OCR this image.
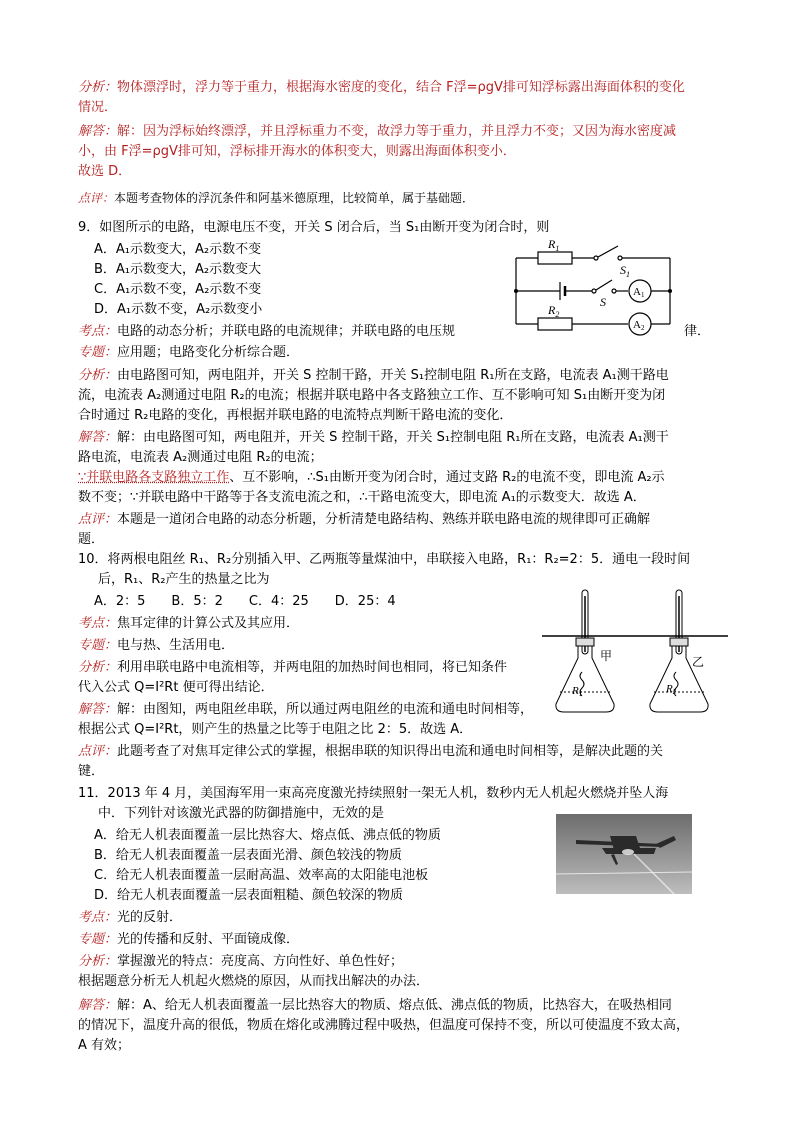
分析：物体漂浮时，浮力等于重力，根据海水密度的变化，结合 F浮=ρgV排可知浮标露出海面体积的变化
情况．
解答：解：因为浮标始终漂浮，并且浮标重力不变，故浮力等于重力，并且浮力不变；又因为海水密度减
小，由 F浮=ρgV排可知，浮标排开海水的体积变大，则露出海面体积变小．
故选 D．
点评：本题考查物体的浮沉条件和阿基米德原理，比较简单，属于基础题．
9．如图所示的电路，电源电压不变，开关 S 闭合后，当 S₁由断开变为闭合时，则
A．A₁示数变大，A₂示数不变
B．A₁示数变大，A₂示数变大
C．A₁示数不变，A₂示数不变
D．A₁示数不变，A₂示数变小
考点：电路的动态分析；并联电路的电流规律；并联电路的电压规	律．
专题：应用题；电路变化分析综合题．
分析：由电路图可知，两电阻并，开关 S 控制干路，开关 S₁控制电阻 R₁所在支路，电流表 A₁测干路电
流，电流表 A₂测通过电阻 R₂的电流；根据并联电路中各支路独立工作、互不影响可知 S₁由断开变为闭
合时通过 R₂电路的变化，再根据并联电路的电流特点判断干路电流的变化．
解答：解：由电路图可知，两电阻并，开关 S 控制干路，开关 S₁控制电阻 R₁所在支路，电流表 A₁测干
路电流，电流表 A₂测通过电阻 R₂的电流；
∵并联电路各支路独立工作、互不影响，∴S₁由断开变为闭合时，通过支路 R₂的电流不变，即电流 A₂示
数不变；∵并联电路中干路等于各支流电流之和，∴干路电流变大，即电流 A₁的示数变大．故选 A．
点评：本题是一道闭合电路的动态分析题，分析清楚电路结构、熟练并联电路电流的规律即可正确解
题．
$R_1$
$S_1$
S
$R_2$
A1
A2
10．将两根电阻丝 R₁、R₂分别插入甲、乙两瓶等量煤油中，串联接入电路，R₁：R₂=2：5．通电一段时间
后，R₁、R₂产生的热量之比为
A．2：5　　B．5：2　　C．4：25　　D．25：4
考点：焦耳定律的计算公式及其应用．
专题：电与热、生活用电．
分析：利用串联电路中电流相等，并两电阻的加热时间也相同，将已知条件
代入公式 Q=I²Rt 便可得出结论．
解答：解：由图知，两电阻丝串联，所以通过两电阻丝的电流和通电时间相等，
根据公式 Q=I²Rt，则产生的热量之比等于电阻之比 2：5．故选 A．
点评：此题考查了对焦耳定律公式的掌握，根据串联的知识得出电流和通电时间相等，是解决此题的关
键．
甲	乙
R1	R2
11．2013 年 4 月，美国海军用一束高亮度激光持续照射一架无人机，数秒内无人机起火燃烧并坠人海
中．下列针对该激光武器的防御措施中，无效的是
A．给无人机表面覆盖一层比热容大、熔点低、沸点低的物质
B．给无人机表面覆盖一层表面光滑、颜色较浅的物质
C．给无人机表面覆盖一层耐高温、效率高的太阳能电池板
D．给无人机表面覆盖一层表面粗糙、颜色较深的物质
考点：光的反射．
专题：光的传播和反射、平面镜成像．
分析：掌握激光的特点：亮度高、方向性好、单色性好；
根据题意分析无人机起火燃烧的原因，从而找出解决的办法．
解答：解：A、给无人机表面覆盖一层比热容大的物质、熔点低、沸点低的物质，比热容大，在吸热相同
的情况下，温度升高的很低，物质在熔化或沸腾过程中吸热，但温度可保持不变，所以可使温度不致太高，
A 有效；
